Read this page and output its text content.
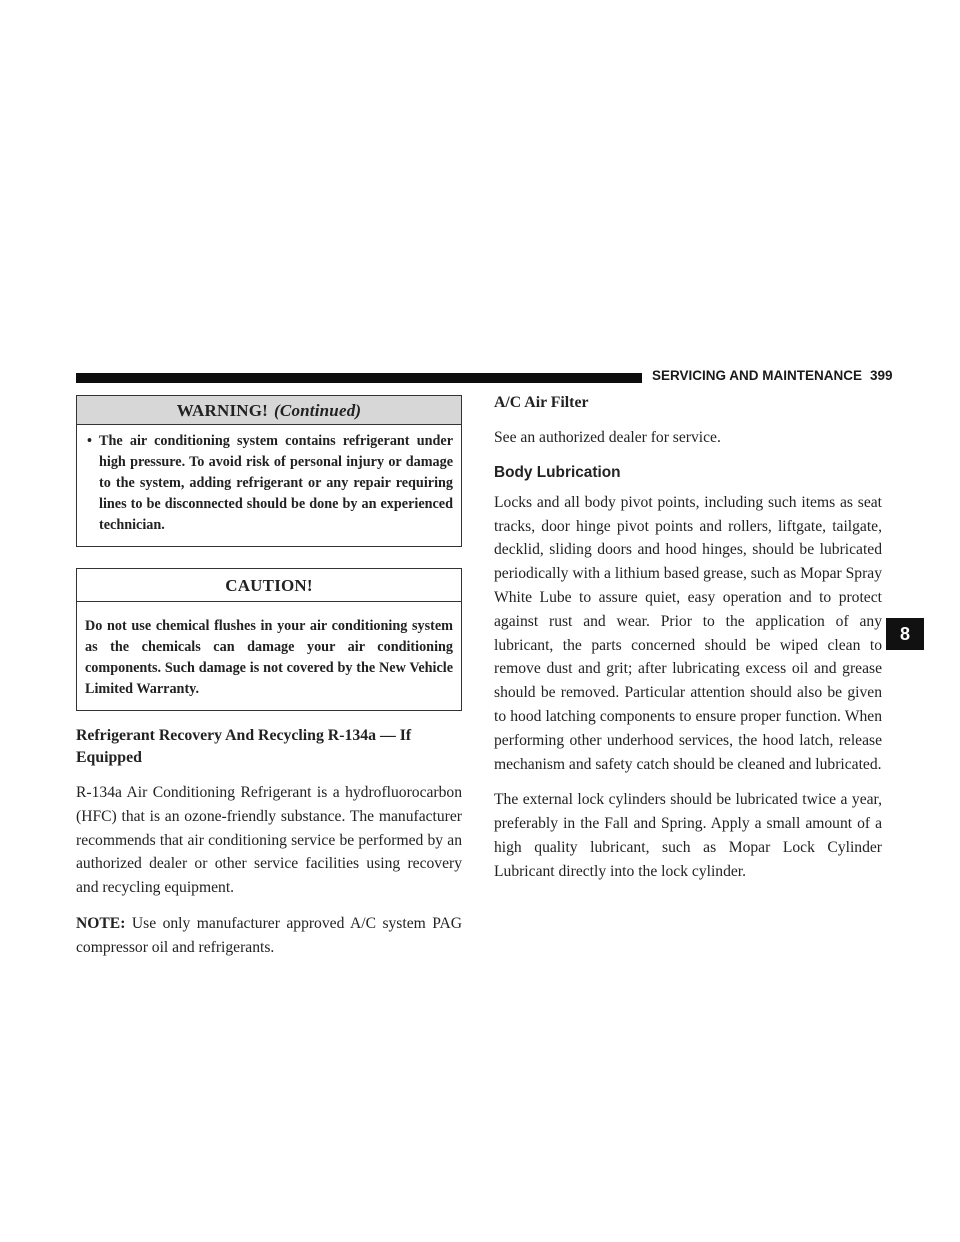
SERVICING AND MAINTENANCE 399
WARNING! (Continued)
• The air conditioning system contains refrigerant under high pressure. To avoid risk of personal injury or damage to the system, adding refrigerant or any repair requiring lines to be disconnected should be done by an experienced technician.
CAUTION!
Do not use chemical flushes in your air conditioning system as the chemicals can damage your air conditioning components. Such damage is not covered by the New Vehicle Limited Warranty.

Refrigerant Recovery And Recycling R-134a — If Equipped

R-134a Air Conditioning Refrigerant is a hydrofluorocarbon (HFC) that is an ozone-friendly substance. The manufacturer recommends that air conditioning service be performed by an authorized dealer or other service facilities using recovery and recycling equipment.

NOTE: Use only manufacturer approved A/C system PAG compressor oil and refrigerants.

A/C Air Filter

See an authorized dealer for service.

Body Lubrication

Locks and all body pivot points, including such items as seat tracks, door hinge pivot points and rollers, liftgate, tailgate, decklid, sliding doors and hood hinges, should be lubricated periodically with a lithium based grease, such as Mopar Spray White Lube to assure quiet, easy operation and to protect against rust and wear. Prior to the application of any lubricant, the parts concerned should be wiped clean to remove dust and grit; after lubricating excess oil and grease should be removed. Particular attention should also be given to hood latching components to ensure proper function. When performing other underhood services, the hood latch, release mechanism and safety catch should be cleaned and lubricated.

The external lock cylinders should be lubricated twice a year, preferably in the Fall and Spring. Apply a small amount of a high quality lubricant, such as Mopar Lock Cylinder Lubricant directly into the lock cylinder.

8
